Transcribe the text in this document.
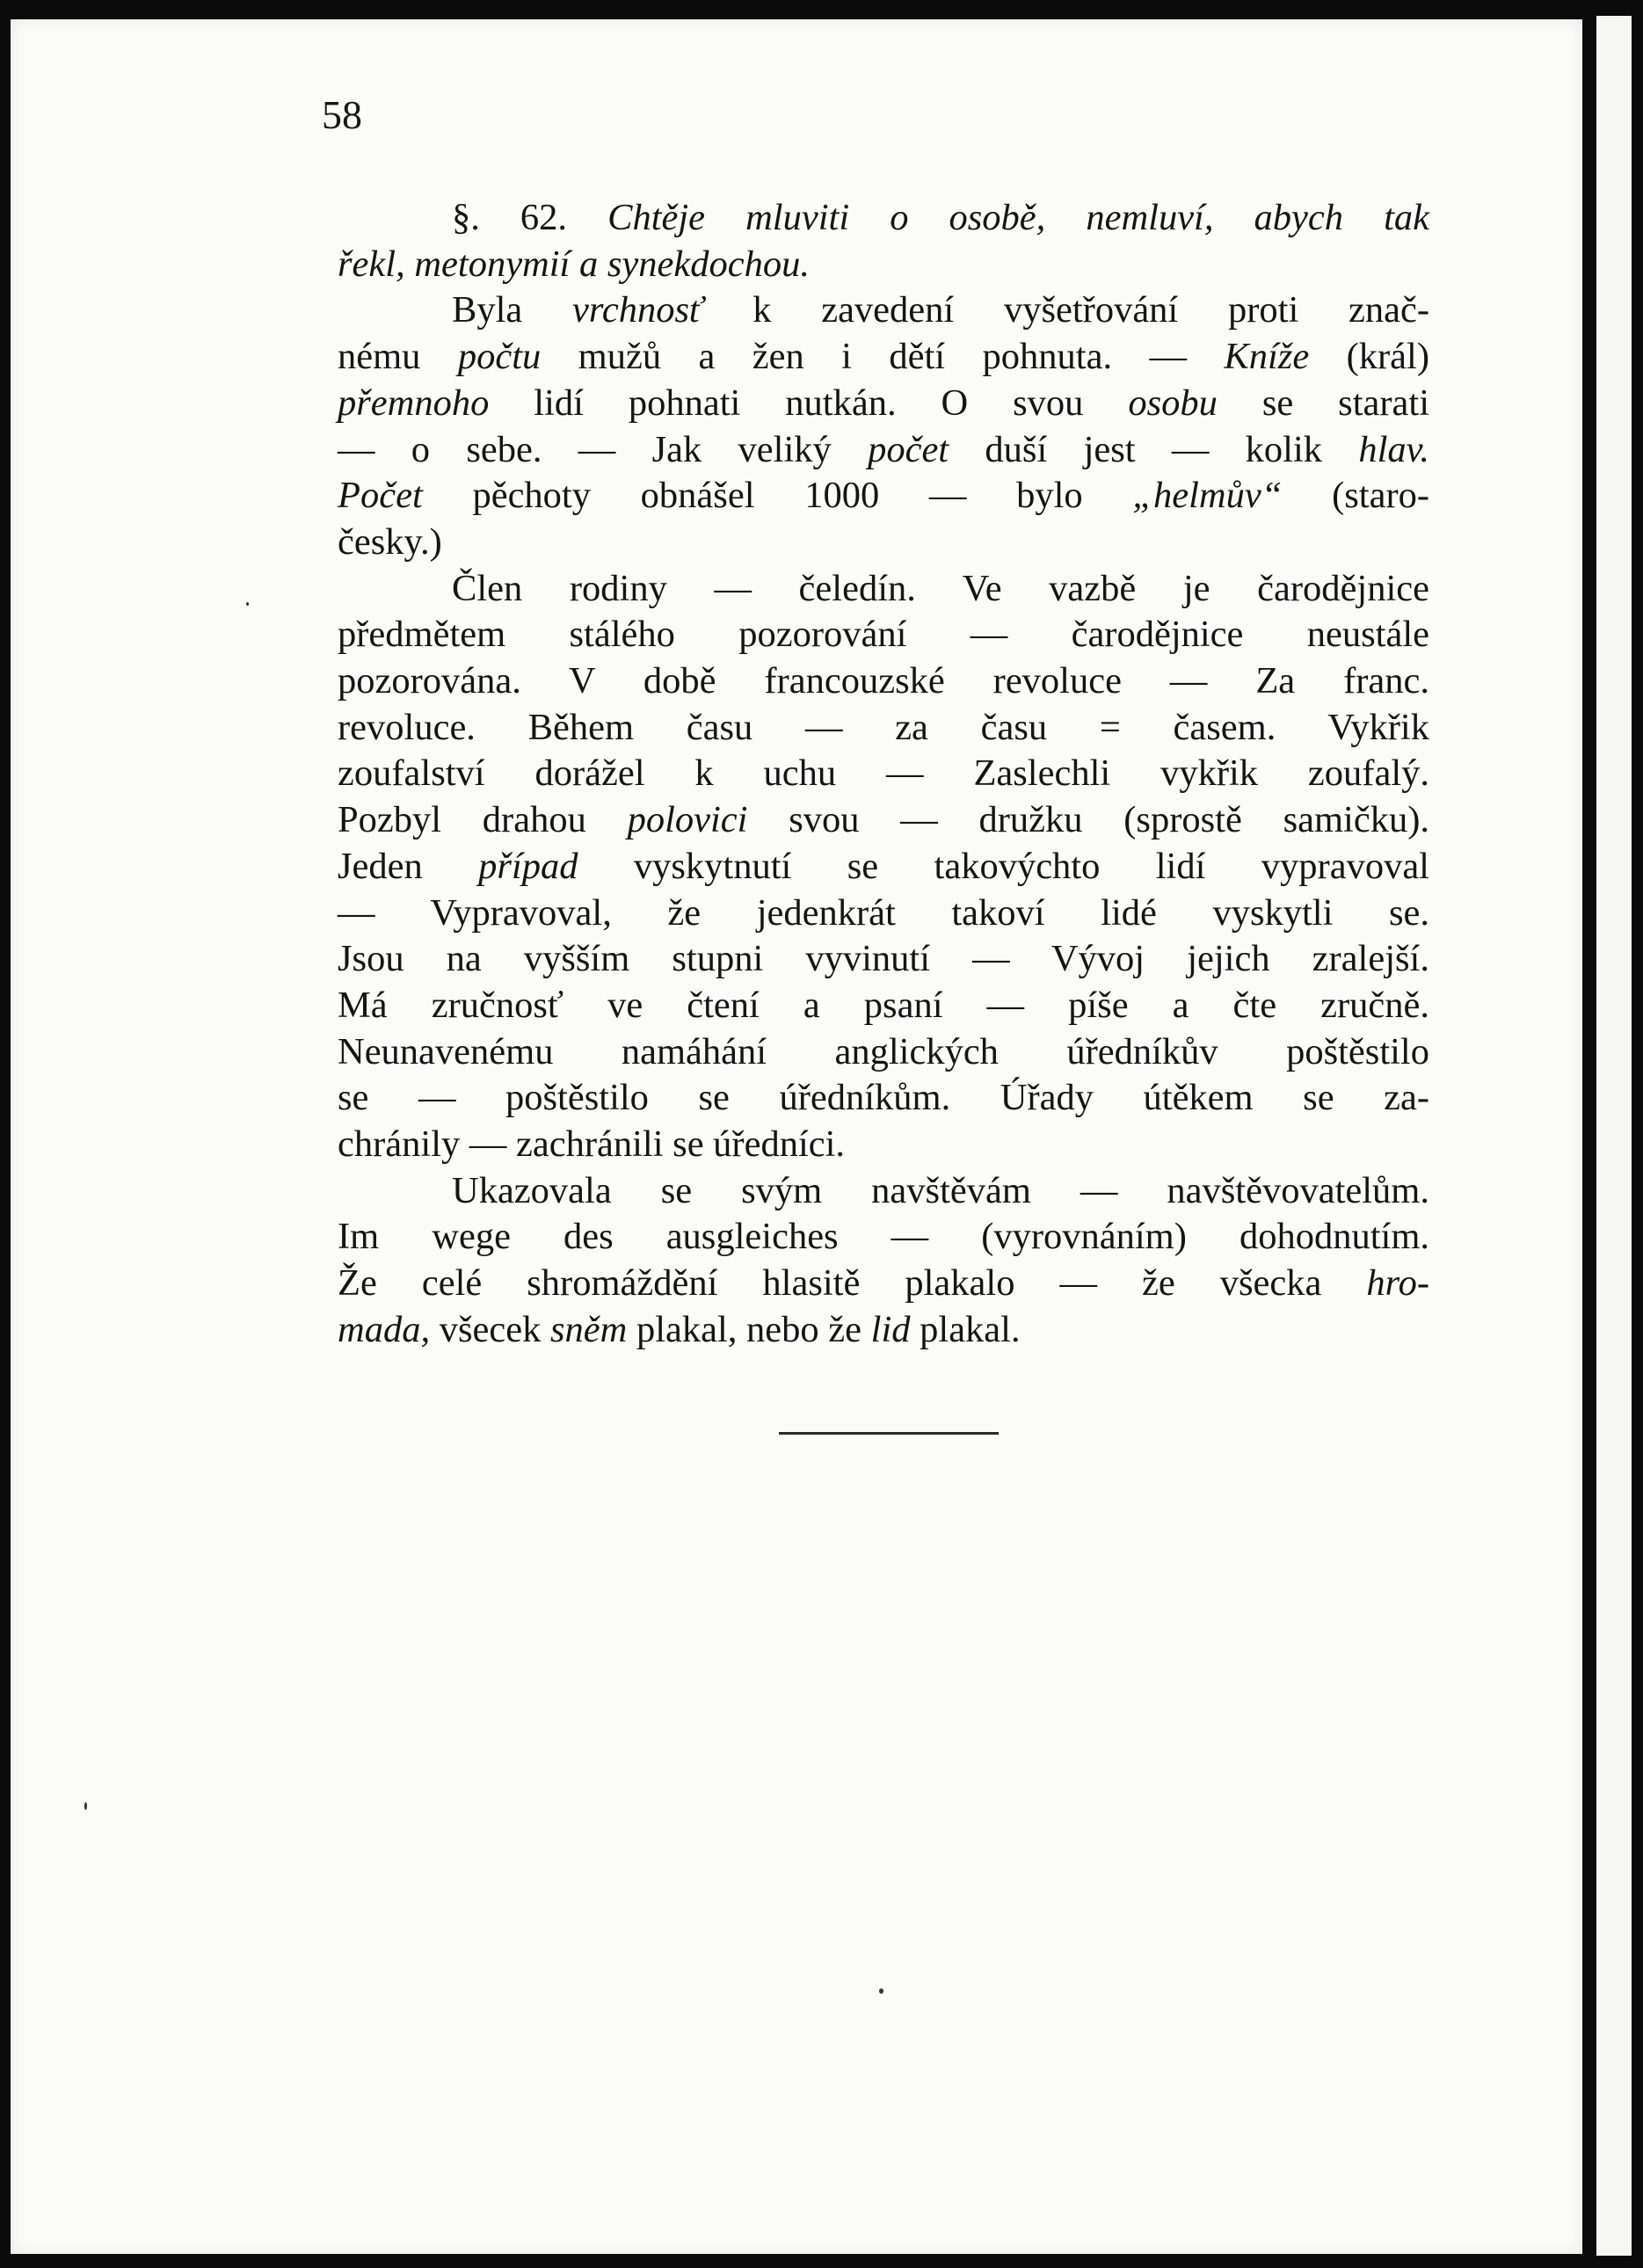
58
§. 62. Chtěje mluviti o osobě, nemluví, abych tak
řekl, metonymií a synekdochou.
Byla vrchnosť k zavedení vyšetřování proti znač-
nému počtu mužů a žen i dětí pohnuta. — Kníže (král)
přemnoho lidí pohnati nutkán. O svou osobu se starati
— o sebe. — Jak veliký počet duší jest — kolik hlav.
Počet pěchoty obnášel 1000 — bylo „helmův“ (staro-
česky.)
Člen rodiny — čeledín. Ve vazbě je čarodějnice
předmětem stálého pozorování — čarodějnice neustále
pozorována. V době francouzské revoluce — Za franc.
revoluce. Během času — za času = časem. Vykřik
zoufalství dorážel k uchu — Zaslechli vykřik zoufalý.
Pozbyl drahou polovici svou — družku (sprostě samičku).
Jeden případ vyskytnutí se takovýchto lidí vypravoval
— Vypravoval, že jedenkrát takoví lidé vyskytli se.
Jsou na vyšším stupni vyvinutí — Vývoj jejich zralejší.
Má zručnosť ve čtení a psaní — píše a čte zručně.
Neunavenému namáhání anglických úředníkův poštěstilo
se — poštěstilo se úředníkům. Úřady útěkem se za-
chránily — zachránili se úředníci.
Ukazovala se svým navštěvám — navštěvovatelům.
Im wege des ausgleiches — (vyrovnáním) dohodnutím.
Že celé shromáždění hlasitě plakalo — že všecka hro-
mada, všecek sněm plakal, nebo že lid plakal.
